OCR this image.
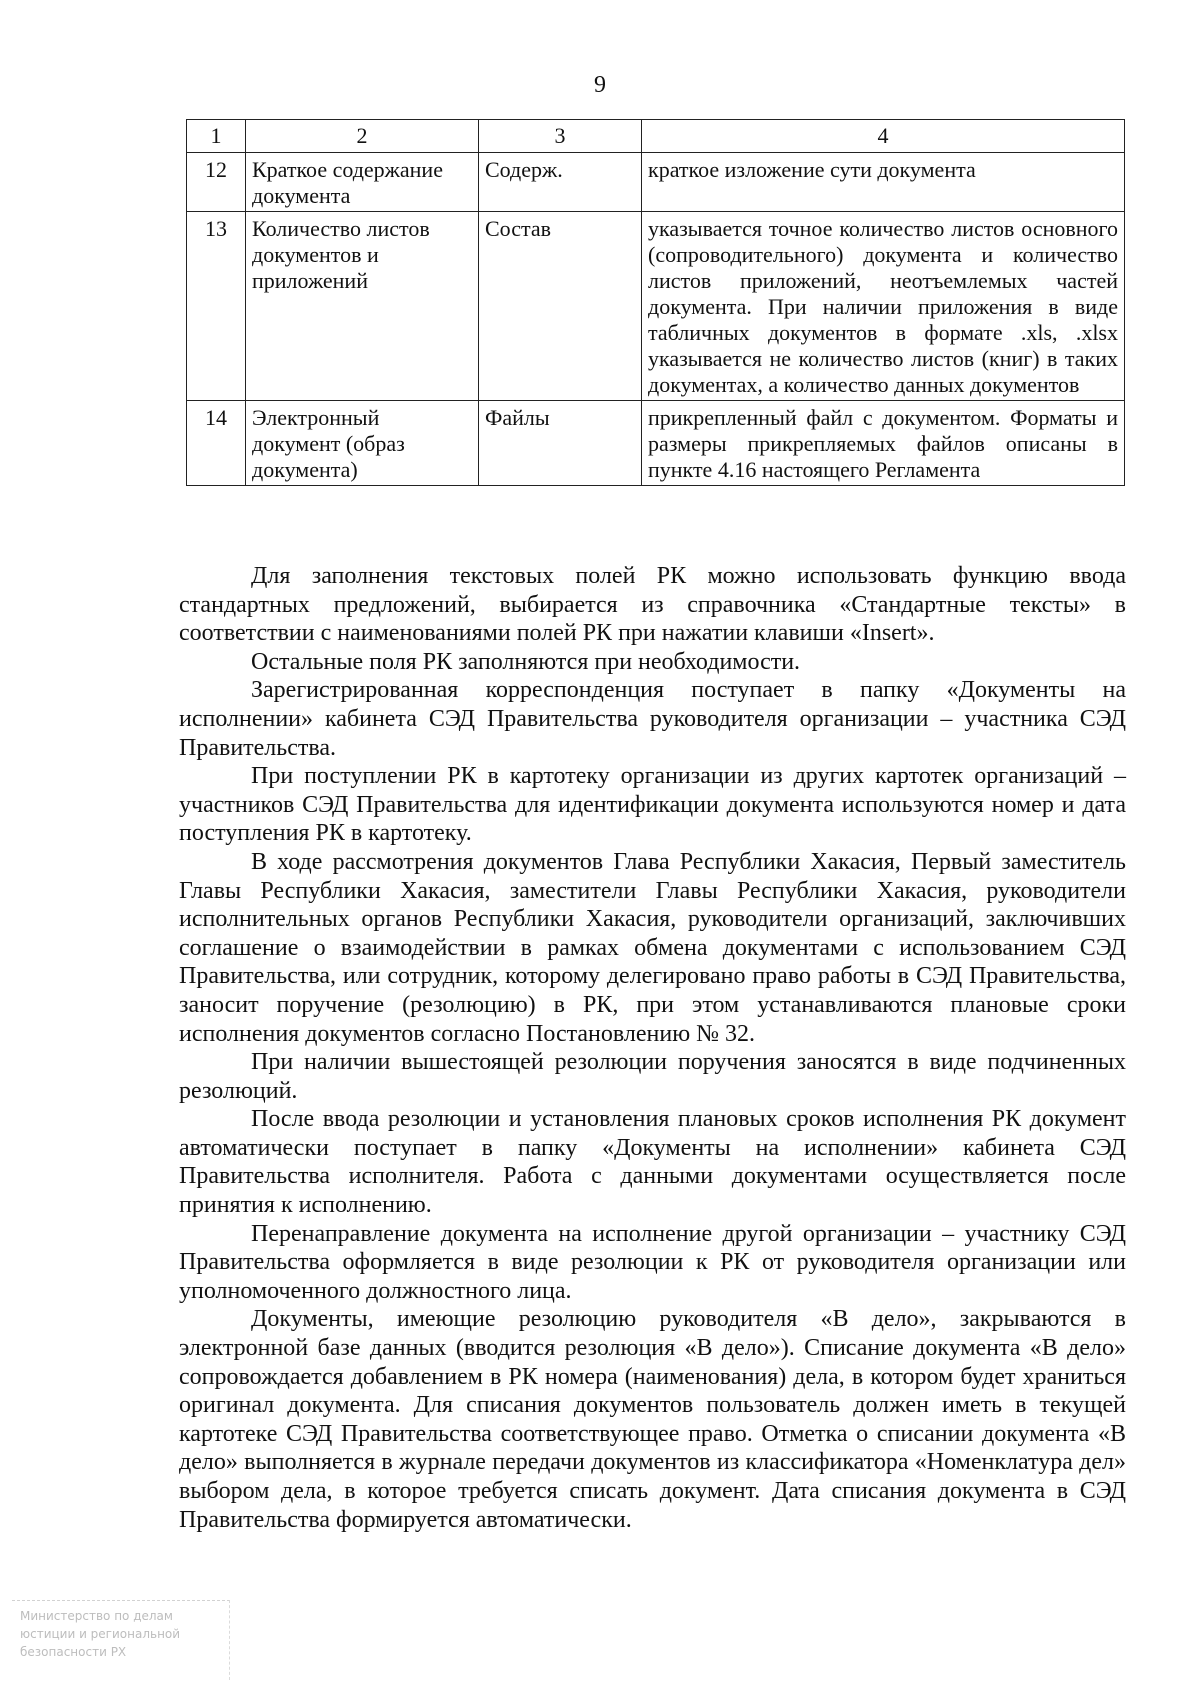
9
1	2	3	4
12	Краткое содержание документа	Содерж.	краткое изложение сути документа
13	Количество листов документов и приложений	Состав	указывается точное количество листов основного (сопроводительного) документа и количество листов приложений, неотъемлемых частей документа. При наличии приложения в виде табличных документов в формате .xls, .xlsx указывается не количество листов (книг) в таких документах, а количество данных документов
14	Электронный документ (образ документа)	Файлы	прикрепленный файл с документом. Форматы и размеры прикрепляемых файлов описаны в пункте 4.16 настоящего Регламента

Для заполнения текстовых полей РК можно использовать функцию ввода стандартных предложений, выбирается из справочника «Стандартные тексты» в соответствии с наименованиями полей РК при нажатии клавиши «Insert».

Остальные поля РК заполняются при необходимости.

Зарегистрированная корреспонденция поступает в папку «Документы на исполнении» кабинета СЭД Правительства руководителя организации – участника СЭД Правительства.

При поступлении РК в картотеку организации из других картотек организаций – участников СЭД Правительства для идентификации документа используются номер и дата поступления РК в картотеку.

В ходе рассмотрения документов Глава Республики Хакасия, Первый заместитель Главы Республики Хакасия, заместители Главы Республики Хакасия, руководители исполнительных органов Республики Хакасия, руководители организаций, заключивших соглашение о взаимодействии в рамках обмена документами с использованием СЭД Правительства, или сотрудник, которому делегировано право работы в СЭД Правительства, заносит поручение (резолюцию) в РК, при этом устанавливаются плановые сроки исполнения документов согласно Постановлению № 32.

При наличии вышестоящей резолюции поручения заносятся в виде подчиненных резолюций.

После ввода резолюции и установления плановых сроков исполнения РК документ автоматически поступает в папку «Документы на исполнении» кабинета СЭД Правительства исполнителя. Работа с данными документами осуществляется после принятия к исполнению.

Перенаправление документа на исполнение другой организации – участнику СЭД Правительства оформляется в виде резолюции к РК от руководителя организации или уполномоченного должностного лица.

Документы, имеющие резолюцию руководителя «В дело», закрываются в электронной базе данных (вводится резолюция «В дело»). Списание документа «В дело» сопровождается добавлением в РК номера (наименования) дела, в котором будет храниться оригинал документа. Для списания документов пользователь должен иметь в текущей картотеке СЭД Правительства соответствующее право. Отметка о списании документа «В дело» выполняется в журнале передачи документов из классификатора «Номенклатура дел» выбором дела, в которое требуется списать документ. Дата списания документа в СЭД Правительства формируется автоматически.

Министерство по делам
юстиции и региональной
безопасности РХ
